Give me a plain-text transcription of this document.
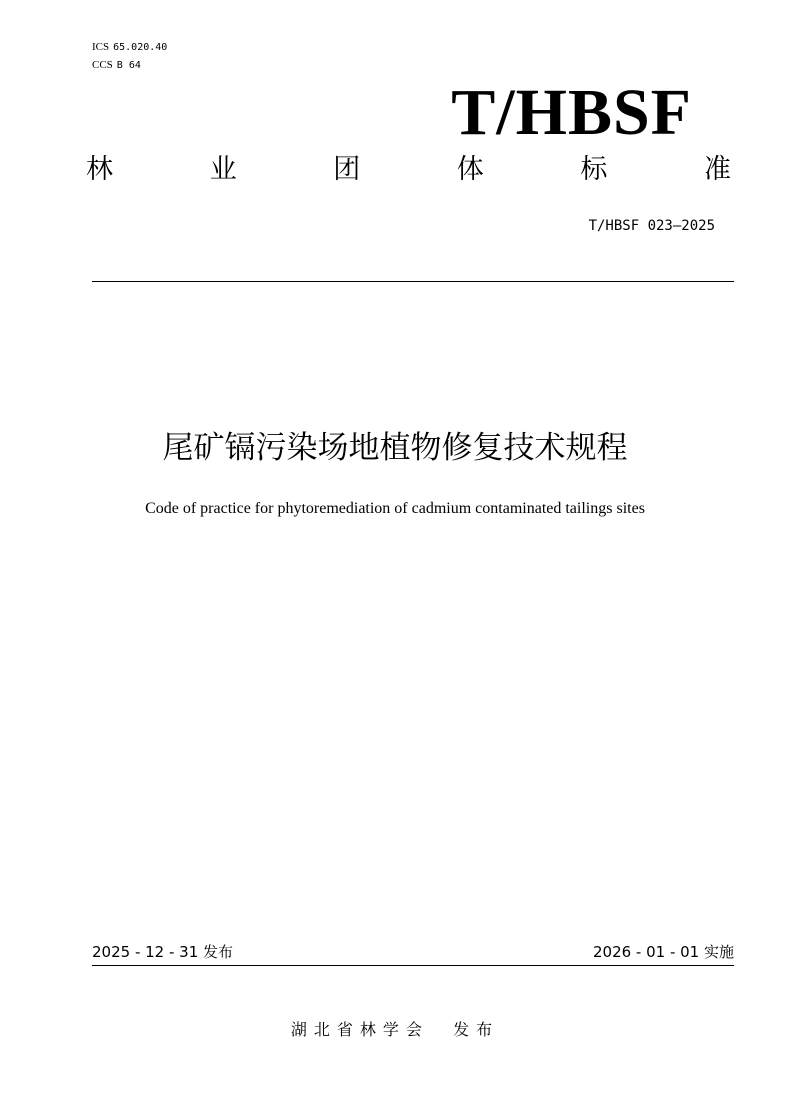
ICS 65.020.40
CCS B 64
T/HBSF
林	业	团	体	标	准
T/HBSF 023—2025
尾矿镉污染场地植物修复技术规程
Code of practice for phytoremediation of cadmium contaminated tailings sites
2025 - 12 - 31 发布	2026 - 01 - 01 实施
湖北省林学会  发布
